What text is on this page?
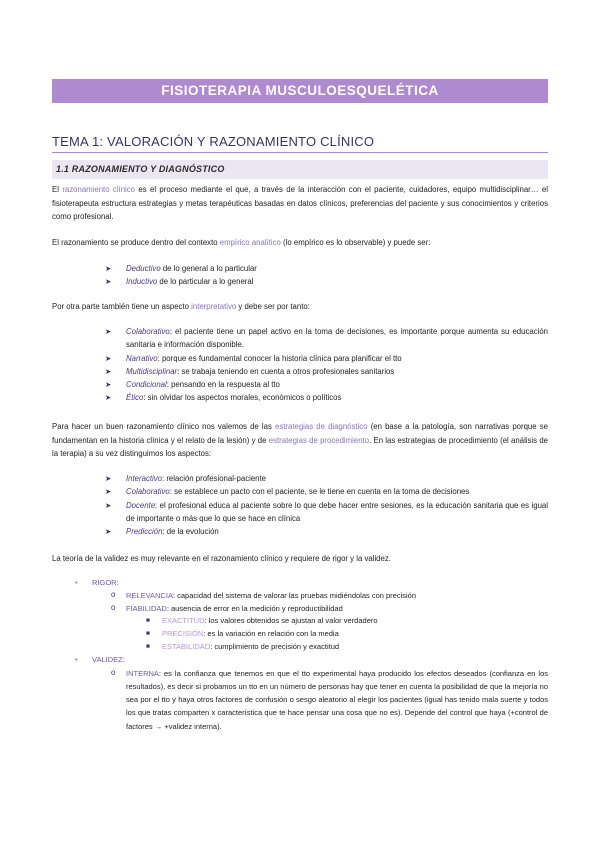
FISIOTERAPIA MUSCULOESQUELÉTICA
TEMA 1: VALORACIÓN Y RAZONAMIENTO CLÍNICO
1.1 RAZONAMIENTO Y DIAGNÓSTICO
El razonamiento clínico es el proceso mediante el que, a través de la interacción con el paciente, cuidadores, equipo multidisciplinar… el fisioterapeuta estructura estrategias y metas terapéuticas basadas en datos clínicos, preferencias del paciente y sus conocimientos y criterios como profesional.
El razonamiento se produce dentro del contexto empírico analítico (lo empírico es lo observable) y puede ser:
➤ Deductivo de lo general a lo particular
➤ Inductivo de lo particular a lo general
Por otra parte también tiene un aspecto interpretativo y debe ser por tanto:
➤ Colaborativo: el paciente tiene un papel activo en la toma de decisiones, es importante porque aumenta su educación sanitaria e información disponible.
➤ Narrativo: porque es fundamental conocer la historia clínica para planificar el tto
➤ Multidisciplinar: se trabaja teniendo en cuenta a otros profesionales sanitarios
➤ Condicional: pensando en la respuesta al tto
➤ Ético: sin olvidar los aspectos morales, económicos o políticos
Para hacer un buen razonamiento clínico nos valemos de las estrategias de diagnóstico (en base a la patología, son narrativas porque se fundamentan en la historia clínica y el relato de la lesión) y de estrategias de procedimiento. En las estrategias de procedimiento (el análisis de la terapia) a su vez distinguimos los aspectos:
➤ Interactivo: relación profesional-paciente
➤ Colaborativo: se establece un pacto con el paciente, se le tiene en cuenta en la toma de decisiones
➤ Docente: el profesional educa al paciente sobre lo que debe hacer entre sesiones, es la educación sanitaria que es igual de importante o más que lo que se hace en clínica
➤ Predicción: de la evolución
La teoría de la validez es muy relevante en el razonamiento clínico y requiere de rigor y la validez.
• RIGOR:
o RELEVANCIA: capacidad del sistema de valorar las pruebas midiéndolas con precisión
o FIABILIDAD: ausencia de error en la medición y reproductibilidad
■ EXACTITUD: los valores obtenidos se ajustan al valor verdadero
■ PRECISIÓN: es la variación en relación con la media
■ ESTABILIDAD: cumplimiento de precisión y exactitud
• VALIDEZ:
o INTERNA: es la confianza que tenemos en que el tto experimental haya producido los efectos deseados (confianza en los resultados), es decir si probamos un tto en un número de personas hay que tener en cuenta la posibilidad de que la mejoría no sea por el tto y haya otros factores de confusión o sesgo aleatorio al elegir los pacientes (igual has tenido mala suerte y todos los que tratas comparten x característica que te hace pensar una cosa que no es). Depende del control que haya (+control de factores → +validez interna).
